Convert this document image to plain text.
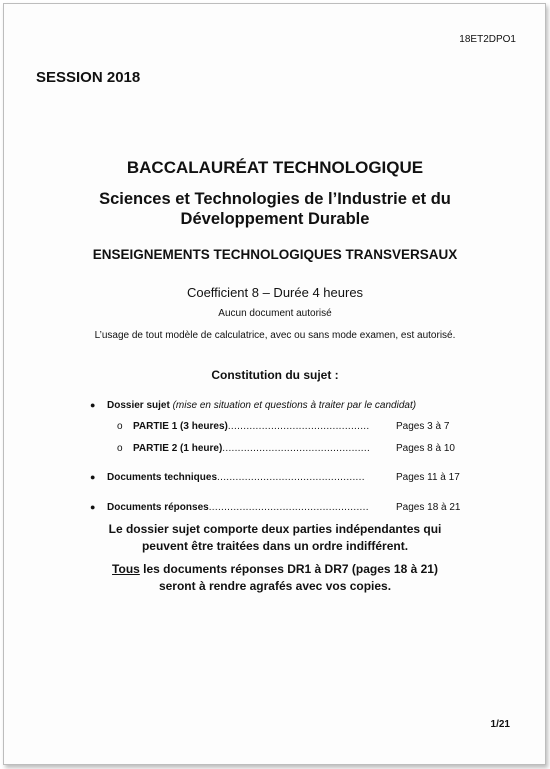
18ET2DPO1
SESSION 2018
BACCALAURÉAT TECHNOLOGIQUE
Sciences et Technologies de l’Industrie et du
Développement Durable
ENSEIGNEMENTS TECHNOLOGIQUES TRANSVERSAUX
Coefficient 8 – Durée 4 heures
Aucun document autorisé
L’usage de tout modèle de calculatrice, avec ou sans mode examen, est autorisé.
Constitution du sujet :
● Dossier sujet (mise en situation et questions à traiter par le candidat)
o PARTIE 1 (3 heures)..............................................	Pages 3 à 7
o PARTIE 2 (1 heure)................................................	Pages 8 à 10
● Documents techniques................................................	Pages 11 à 17
● Documents réponses....................................................	Pages 18 à 21
Le dossier sujet comporte deux parties indépendantes qui
peuvent être traitées dans un ordre indifférent.
Tous les documents réponses DR1 à DR7 (pages 18 à 21)
seront à rendre agrafés avec vos copies.
1/21
